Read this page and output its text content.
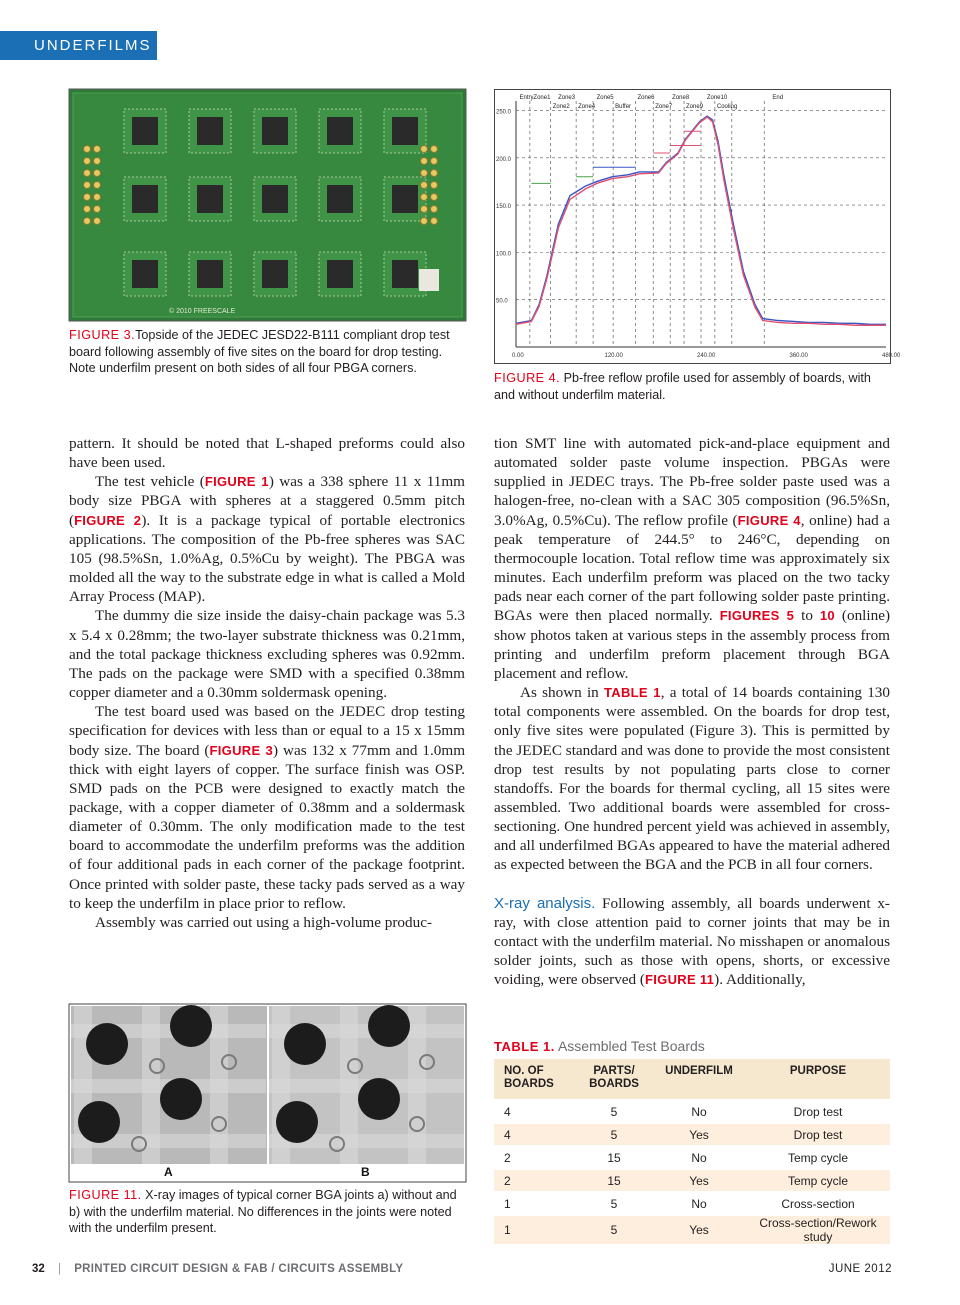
UNDERFILMS
© 2010 FREESCALE
FIGURE 3.Topside of the JEDEC JESD22-B111 compliant drop test board following assembly of five sites on the board for drop testing. Note underfilm present on both sides of all four PBGA corners.
Entry Zone1 Zone3	Zone5	Zone6	Zone8	Zone10	End
Zone2 Zone4	Buffer	Zone7 Zone9 Cooling
50.0
100.0
150.0
200.0
250.0
0.00	120.00	240.00	360.00	480.00
FIGURE 4. Pb-free reflow profile used for assembly of boards, with and without underfilm material.

pattern. It should be noted that L-shaped preforms could also have been used.

The test vehicle (FIGURE 1) was a 338 sphere 11 x 11mm body size PBGA with spheres at a staggered 0.5mm pitch (FIGURE 2). It is a package typical of portable electronics applications. The composition of the Pb-free spheres was SAC 105 (98.5%Sn, 1.0%Ag, 0.5%Cu by weight). The PBGA was molded all the way to the substrate edge in what is called a Mold Array Process (MAP).

The dummy die size inside the daisy-chain package was 5.3 x 5.4 x 0.28mm; the two-layer substrate thickness was 0.21mm, and the total package thickness excluding spheres was 0.92mm. The pads on the package were SMD with a specified 0.38mm copper diameter and a 0.30mm soldermask opening.

The test board used was based on the JEDEC drop testing specification for devices with less than or equal to a 15 x 15mm body size. The board (FIGURE 3) was 132 x 77mm and 1.0mm thick with eight layers of copper. The surface finish was OSP. SMD pads on the PCB were designed to exactly match the package, with a copper diameter of 0.38mm and a soldermask diameter of 0.30mm. The only modification made to the test board to accommodate the underfilm preforms was the addition of four additional pads in each corner of the package footprint. Once printed with solder paste, these tacky pads served as a way to keep the underfilm in place prior to reflow.

Assembly was carried out using a high-volume produc-

tion SMT line with automated pick-and-place equipment and automated solder paste volume inspection. PBGAs were supplied in JEDEC trays. The Pb-free solder paste used was a halogen-free, no-clean with a SAC 305 composition (96.5%Sn, 3.0%Ag, 0.5%Cu). The reflow profile (FIGURE 4, online) had a peak temperature of 244.5° to 246°C, depending on thermocouple location. Total reflow time was approximately six minutes. Each underfilm preform was placed on the two tacky pads near each corner of the part following solder paste printing. BGAs were then placed normally. FIGURES 5 to 10 (online) show photos taken at various steps in the assembly process from printing and underfilm preform placement through BGA placement and reflow.

As shown in TABLE 1, a total of 14 boards containing 130 total components were assembled. On the boards for drop test, only five sites were populated (Figure 3). This is permitted by the JEDEC standard and was done to provide the most consistent drop test results by not populating parts close to corner standoffs. For the boards for thermal cycling, all 15 sites were assembled. Two additional boards were assembled for cross-sectioning. One hundred percent yield was achieved in assembly, and all underfilmed BGAs appeared to have the material adhered as expected between the BGA and the PCB in all four corners.

X-ray analysis. Following assembly, all boards underwent x-ray, with close attention paid to corner joints that may be in contact with the underfilm material. No misshapen or anomalous solder joints, such as those with opens, shorts, or excessive voiding, were observed (FIGURE 11). Additionally,

A	B
FIGURE 11. X-ray images of typical corner BGA joints a) without and b) with the underfilm material. No differences in the joints were noted with the underfilm present.
TABLE 1. Assembled Test Boards
NO. OF BOARDS	PARTS/ BOARDS	UNDERFILM	PURPOSE
4	5	No	Drop test
4	5	Yes	Drop test
2	15	No	Temp cycle
2	15	Yes	Temp cycle
1	5	No	Cross-section
1	5	Yes	Cross-section/Rework study
32 | PRINTED CIRCUIT DESIGN & FAB / CIRCUITS ASSEMBLY	JUNE 2012
